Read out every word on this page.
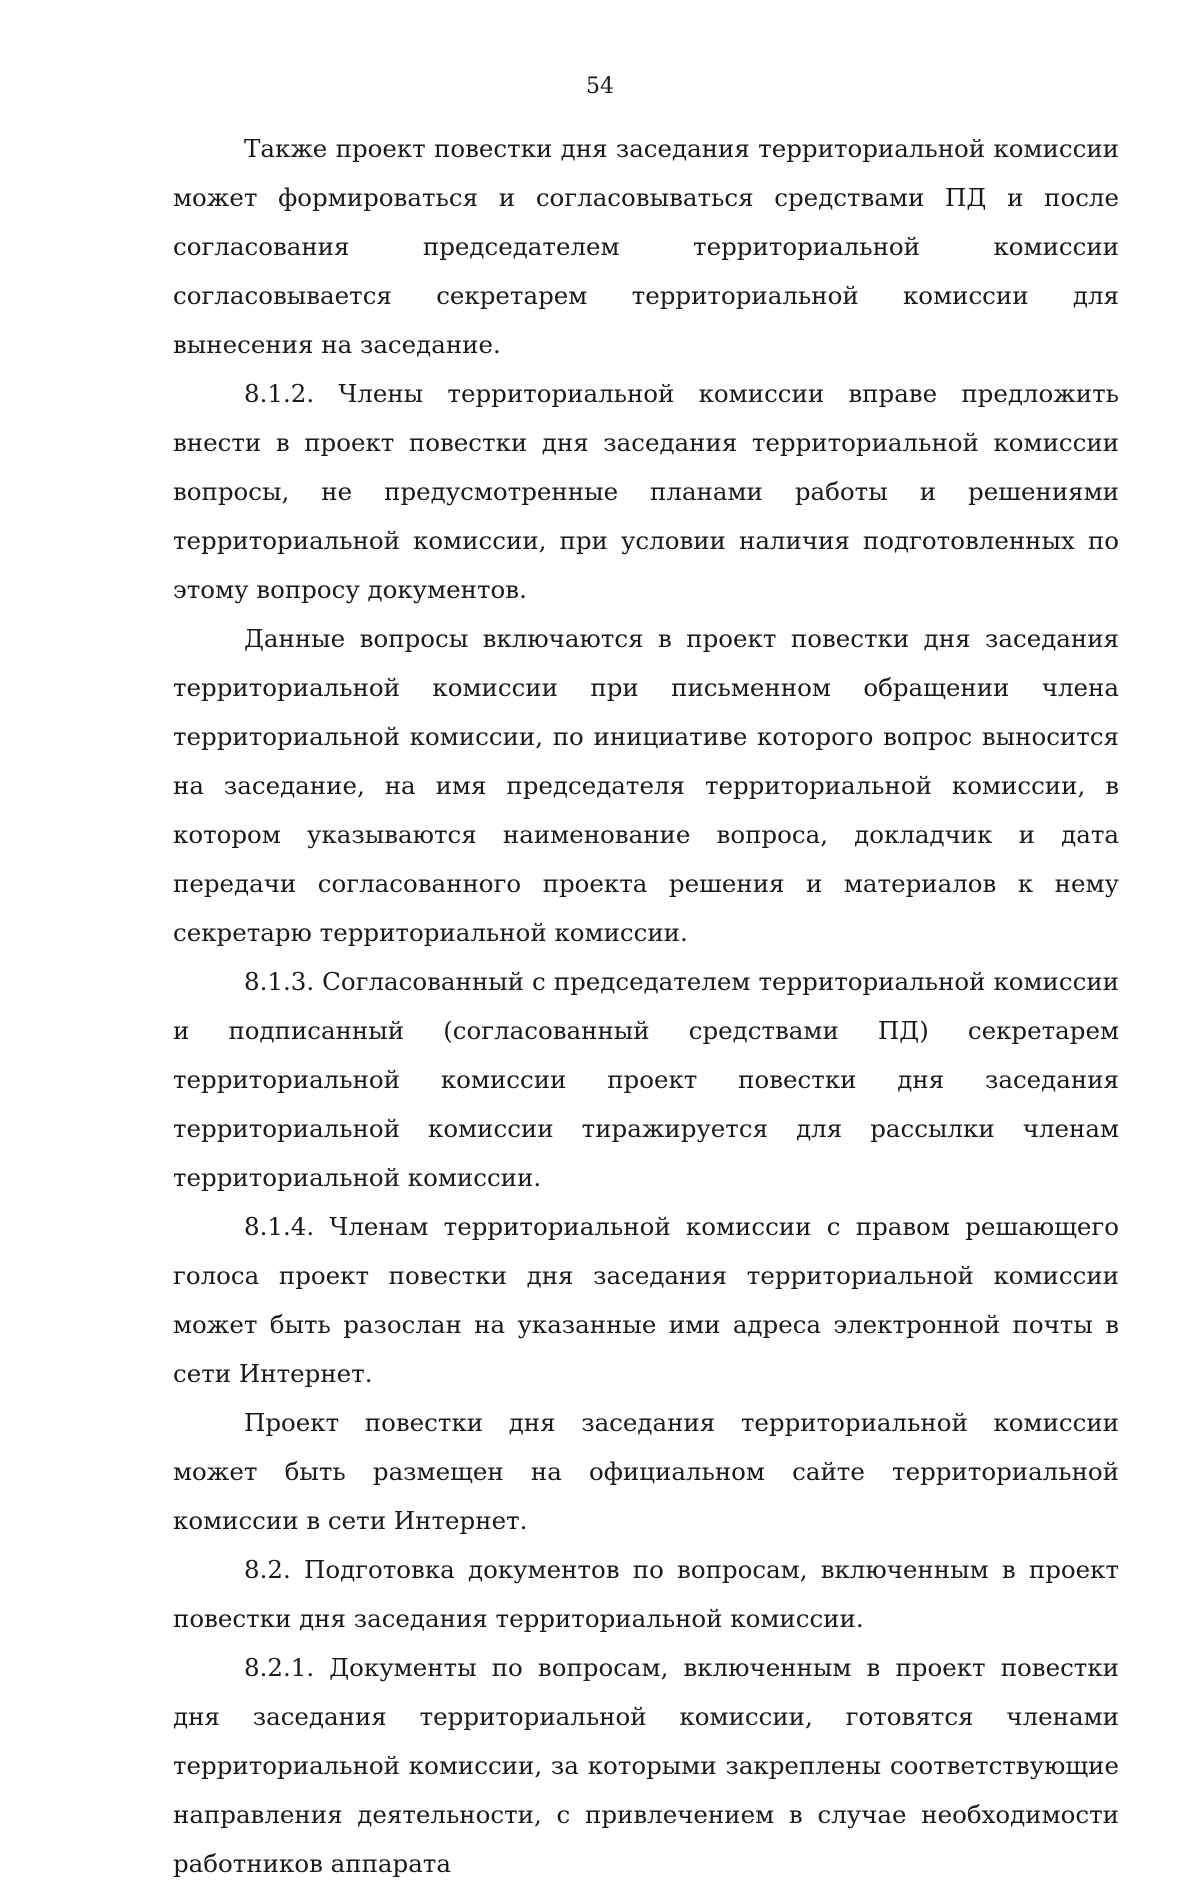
54

Также проект повестки дня заседания территориальной комиссии может формироваться и согласовываться средствами ПД и после согласования председателем территориальной комиссии согласовывается секретарем территориальной комиссии для вынесения на заседание.

8.1.2. Члены территориальной комиссии вправе предложить внести в проект повестки дня заседания территориальной комиссии вопросы, не предусмотренные планами работы и решениями территориальной комиссии, при условии наличия подготовленных по этому вопросу документов.

Данные вопросы включаются в проект повестки дня заседания территориальной комиссии при письменном обращении члена территориальной комиссии, по инициативе которого вопрос выносится на заседание, на имя председателя территориальной комиссии, в котором указываются наименование вопроса, докладчик и дата передачи согласованного проекта решения и материалов к нему секретарю территориальной комиссии.

8.1.3. Согласованный с председателем территориальной комиссии и подписанный (согласованный средствами ПД) секретарем территориальной комиссии проект повестки дня заседания территориальной комиссии тиражируется для рассылки членам территориальной комиссии.

8.1.4. Членам территориальной комиссии с правом решающего голоса проект повестки дня заседания территориальной комиссии может быть разослан на указанные ими адреса электронной почты в сети Интернет.

Проект повестки дня заседания территориальной комиссии может быть размещен на официальном сайте территориальной комиссии в сети Интернет.

8.2. Подготовка документов по вопросам, включенным в проект повестки дня заседания территориальной комиссии.

8.2.1. Документы по вопросам, включенным в проект повестки дня заседания территориальной комиссии, готовятся членами территориальной комиссии, за которыми закреплены соответствующие направления деятельности, с привлечением в случае необходимости работников аппарата
